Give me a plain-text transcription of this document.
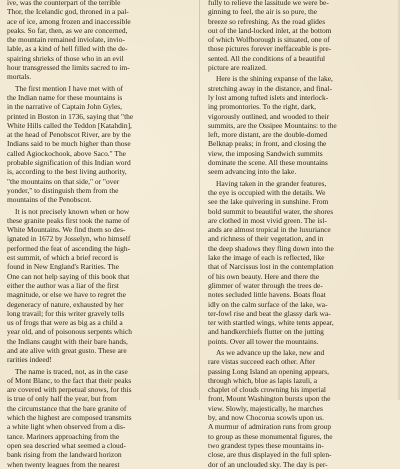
ive, was the counterpart of the terrible
Thor, the Icelandic god, throned in a pal-
ace of ice, among frozen and inaccessible
peaks. So far, then, as we are concerned,
the mountain remained inviolate, invio-
lable, as a kind of hell filled with the de-
spairing shrieks of those who in an evil
hour transgressed the limits sacred to im-
mortals.
The first mention I have met with of
the Indian name for these mountains is
in the narrative of Captain John Gyles,
printed in Boston in 1736, saying that "the
White Hills called the Teddon [Katahdin],
at the head of Penobscot River, are by the
Indians said to be much higher than those
called Agiockochook, above Saco." The
probable signification of this Indian word
is, according to the best living authority,
"the mountains on that side," or "over
yonder," to distinguish them from the
mountains of the Penobscot.
It is not precisely known when or how
these granite peaks first took the name of
White Mountains. We find them so des-
ignated in 1672 by Josselyn, who himself
performed the feat of ascending the high-
est summit, of which a brief record is
found in New England's Rarities. The
One can not help saying of this book that
either the author was a liar of the first
magnitude, or else we have to regret the
degeneracy of nature, exhausted by her
long travail; for this writer gravely tells
us of frogs that were as big as a child a
year old, and of poisonous serpents which
the Indians caught with their bare hands,
and ate alive with great gusto. These are
rarities indeed!
The name is traced, not, as in the case
of Mont Blanc, to the fact that their peaks
are covered with perpetual snows, for this
is true of only half the year, but from
the circumstance that the bare granite of
which the highest are composed transmits
a white light when observed from a dis-
tance. Mariners approaching from the
open sea descried what seemed a cloud-
bank rising from the landward horizon
when twenty leagues from the nearest
fully to relieve the lassitude we were be-
ginning to feel, the air is so pure, the
breeze so refreshing. As the road glides
out of the land-locked inlet, at the bottom
of which Wolfborough is situated, one of
those pictures forever ineffaceable is pre-
sented. All the conditions of a beautiful
picture are realized.
Here is the shining expanse of the lake,
stretching away in the distance, and final-
ly lost among tufted islets and interlock-
ing promontories. To the right, dark,
vigorously outlined, and wooded to their
summits, are the Ossipee Mountains: to the
left, more distant, are the double-domed
Belknap peaks; in front, and closing the
view, the imposing Sandwich summits
dominate the scene. All these mountains
seem advancing into the lake.
Having taken in the grander features,
the eye is occupied with the details. We
see the lake quivering in sunshine. From
bold summit to beautiful water, the shores
are clothed in most vivid green. The isl-
ands are almost tropical in the luxuriance
and richness of their vegetation, and in
the deep shadows they fling down into the
lake the image of each is reflected, like
that of Narcissus lost in the contemplation
of his own beauty. Here and there the
glimmer of water through the trees de-
notes secluded little havens. Boats float
idly on the calm surface of the lake, wa-
ter-fowl rise and beat the glassy dark wa-
ter with startled wings, white tents appear,
and handkerchiefs flutter on the jutting
points. Over all tower the mountains.
As we advance up the lake, new and
rare vistas succeed each other. After
passing Long Island an opening appears,
through which, blue as lapis lazuli, a
chaplet of clouds crowning his imperial
front, Mount Washington bursts upon the
view. Slowly, majestically, he marches
by, and now Chocorua scowls upon us.
A murmur of admiration runs from group
to group as these monumental figures, the
two grandest types these mountains in-
close, are thus displayed in the full splen-
dor of an unclouded sky. The day is per-
